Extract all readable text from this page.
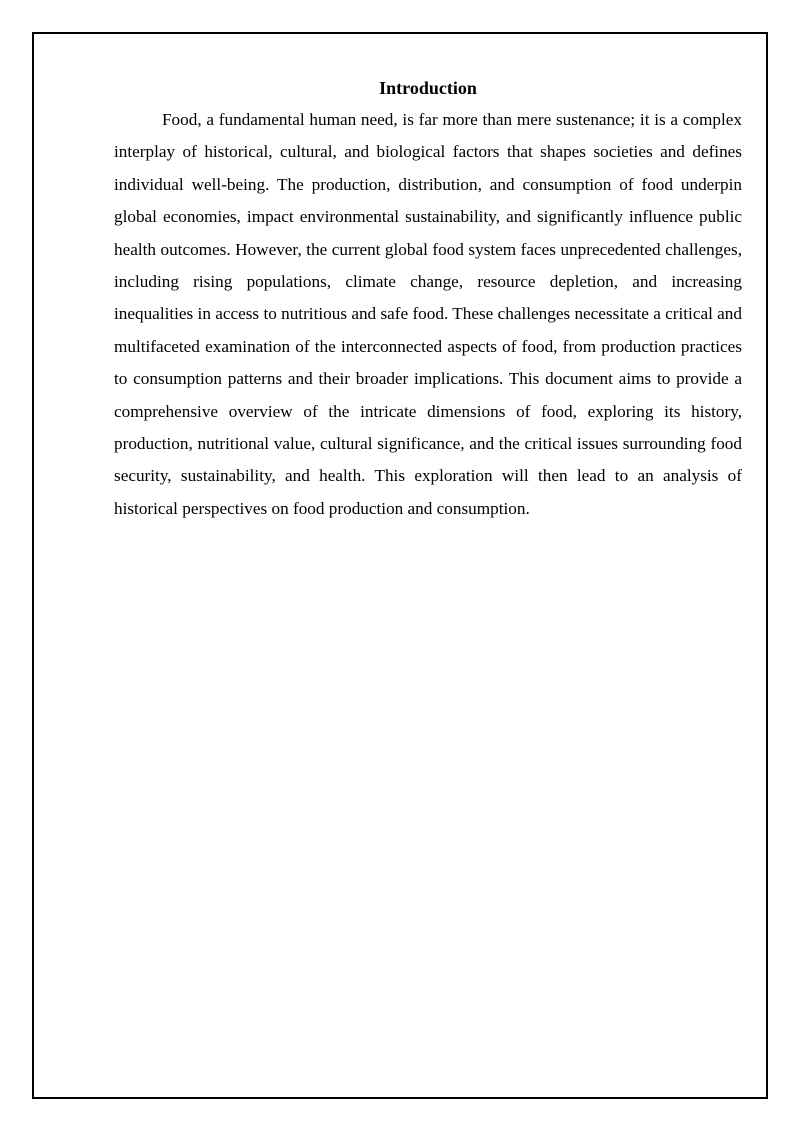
Introduction

Food, a fundamental human need, is far more than mere sustenance; it is a complex interplay of historical, cultural, and biological factors that shapes societies and defines individual well-being. The production, distribution, and consumption of food underpin global economies, impact environmental sustainability, and significantly influence public health outcomes. However, the current global food system faces unprecedented challenges, including rising populations, climate change, resource depletion, and increasing inequalities in access to nutritious and safe food. These challenges necessitate a critical and multifaceted examination of the interconnected aspects of food, from production practices to consumption patterns and their broader implications. This document aims to provide a comprehensive overview of the intricate dimensions of food, exploring its history, production, nutritional value, cultural significance, and the critical issues surrounding food security, sustainability, and health. This exploration will then lead to an analysis of historical perspectives on food production and consumption.
